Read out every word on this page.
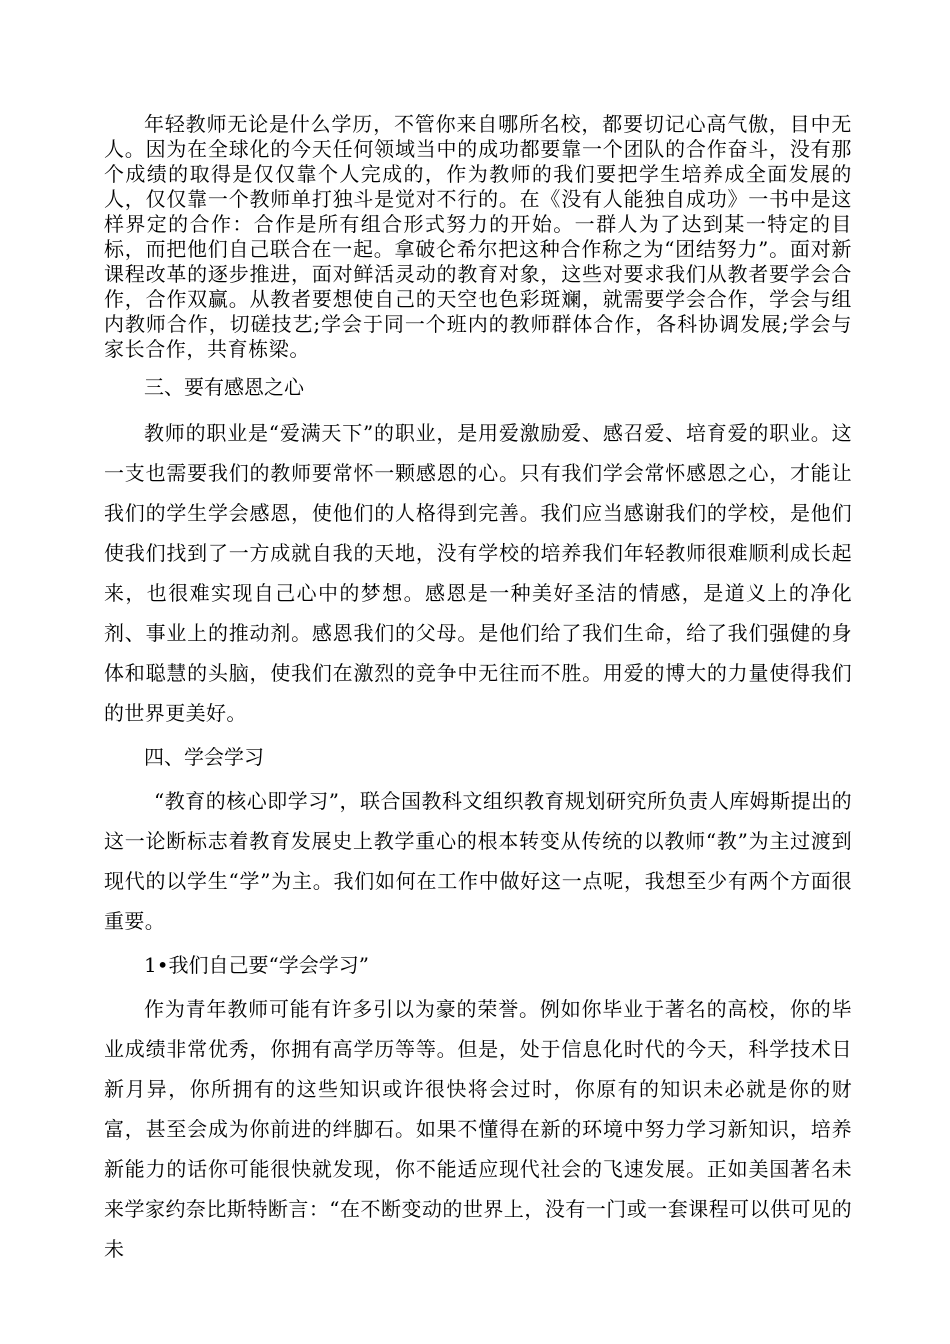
年轻教师无论是什么学历，不管你来自哪所名校，都要切记心高气傲，目中无人。因为在全球化的今天任何领域当中的成功都要靠一个团队的合作奋斗，没有那个成绩的取得是仅仅靠个人完成的，作为教师的我们要把学生培养成全面发展的人，仅仅靠一个教师单打独斗是觉对不行的。在《没有人能独自成功》一书中是这样界定的合作：合作是所有组合形式努力的开始。一群人为了达到某一特定的目标，而把他们自己联合在一起。拿破仑希尔把这种合作称之为“团结努力”。面对新课程改革的逐步推进，面对鲜活灵动的教育对象，这些对要求我们从教者要学会合作，合作双赢。从教者要想使自己的天空也色彩斑斓，就需要学会合作，学会与组内教师合作，切磋技艺;学会于同一个班内的教师群体合作，各科协调发展;学会与家长合作，共育栋梁。

三、要有感恩之心

教师的职业是“爱满天下”的职业，是用爱激励爱、感召爱、培育爱的职业。这一支也需要我们的教师要常怀一颗感恩的心。只有我们学会常怀感恩之心，才能让我们的学生学会感恩，使他们的人格得到完善。我们应当感谢我们的学校，是他们使我们找到了一方成就自我的天地，没有学校的培养我们年轻教师很难顺利成长起来，也很难实现自己心中的梦想。感恩是一种美好圣洁的情感，是道义上的净化剂、事业上的推动剂。感恩我们的父母。是他们给了我们生命，给了我们强健的身体和聪慧的头脑，使我们在激烈的竞争中无往而不胜。用爱的博大的力量使得我们的世界更美好。

四、学会学习

“教育的核心即学习”，联合国教科文组织教育规划研究所负责人库姆斯提出的这一论断标志着教育发展史上教学重心的根本转变从传统的以教师“教”为主过渡到现代的以学生“学”为主。我们如何在工作中做好这一点呢，我想至少有两个方面很重要。

1•我们自己要“学会学习”

作为青年教师可能有许多引以为豪的荣誉。例如你毕业于著名的高校，你的毕业成绩非常优秀，你拥有高学历等等。但是，处于信息化时代的今天，科学技术日新月异，你所拥有的这些知识或许很快将会过时，你原有的知识未必就是你的财富，甚至会成为你前进的绊脚石。如果不懂得在新的环境中努力学习新知识，培养新能力的话你可能很快就发现，你不能适应现代社会的飞速发展。正如美国著名未来学家约奈比斯特断言：“在不断变动的世界上，没有一门或一套课程可以供可见的未
